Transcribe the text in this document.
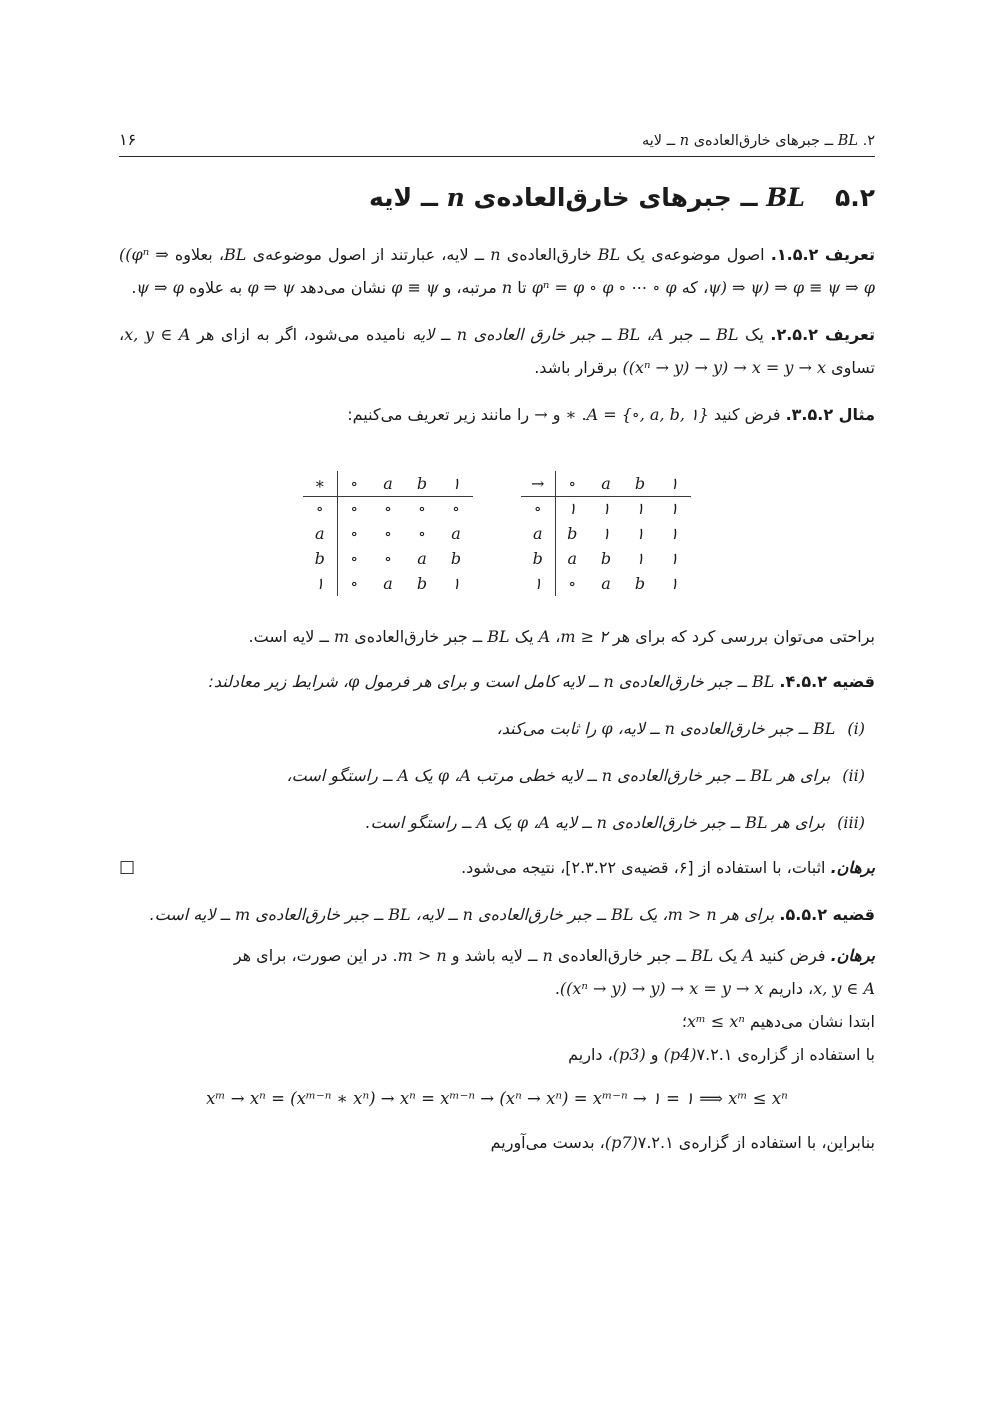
۱۶	۲. BL ــ جبرهای خارق‌العاده‌ی n ــ لایه
۵.۲BL ــ جبرهای خارق‌العاده‌ی n ــ لایه

تعریف ۱.۵.۲. اصول موضوعه‌ی یک BL خارق‌العاده‌ی n ــ لایه، عبارتند از اصول موضوعه‌ی BL، بعلاوه ((φⁿ ⇒ ψ) ⇒ ψ) ⇒ φ ≡ ψ ⇒ φ، که φⁿ = φ ∘ φ ∘ ⋯ ∘ φ تا n مرتبه، و φ ≡ ψ نشان می‌دهد φ ⇒ ψ به علاوه ψ ⇒ φ.

تعریف ۲.۵.۲. یک BL ــ جبر A، BL ــ جبر خارق العاده‌ی n ــ لایه نامیده می‌شود، اگر به ازای هر x, y ∈ A، تساوی ((xⁿ → y) → y) → x = y → x برقرار باشد.

مثال ۳.۵.۲. فرض کنید A = {∘, a, b, ۱}. ∗ و → را مانند زیر تعریف می‌کنیم:

∗	∘	a	b	۱
∘	∘	∘	∘	∘
a	∘	∘	∘	a
b	∘	∘	a	b
۱	∘	a	b	۱
→	∘	a	b	۱
∘	۱	۱	۱	۱
a	b	۱	۱	۱
b	a	b	۱	۱
۱	∘	a	b	۱

براحتی می‌توان بررسی کرد که برای هر m ≥ ۲، A یک BL ــ جبر خارق‌العاده‌ی m ــ لایه است.

قضیه ۴.۵.۲. BL ــ جبر خارق‌العاده‌ی n ــ لایه کامل است و برای هر فرمول φ، شرایط زیر معادلند:

(i)BL ــ جبر خارق‌العاده‌ی n ــ لایه، φ را ثابت می‌کند،

(ii)برای هر BL ــ جبر خارق‌العاده‌ی n ــ لایه خطی مرتب A، φ یک A ــ راستگو است،

(iii)برای هر BL ــ جبر خارق‌العاده‌ی n ــ لایه A، φ یک A ــ راستگو است.

□	برهان. اثبات، با استفاده از [۶، قضیه‌ی ۲.۳.۲۲]، نتیجه می‌شود.

قضیه ۵.۵.۲. برای هر m > n، یک BL ــ جبر خارق‌العاده‌ی n ــ لایه، BL ــ جبر خارق‌العاده‌ی m ــ لایه است.

برهان. فرض کنید A یک BL ــ جبر خارق‌العاده‌ی n ــ لایه باشد و m > n. در این صورت، برای هر

x, y ∈ A، داریم ((xⁿ → y) → y) → x = y → x.

ابتدا نشان می‌دهیم xᵐ ≤ xⁿ؛

با استفاده از گزاره‌ی ۷.۲.۱(p4) و (p3)، داریم

xᵐ → xⁿ = (xᵐ⁻ⁿ ∗ xⁿ) → xⁿ = xᵐ⁻ⁿ → (xⁿ → xⁿ) = xᵐ⁻ⁿ → ۱ = ۱ ⟹ xᵐ ≤ xⁿ

بنابراین، با استفاده از گزاره‌ی ۷.۲.۱(p7)، بدست می‌آوریم
